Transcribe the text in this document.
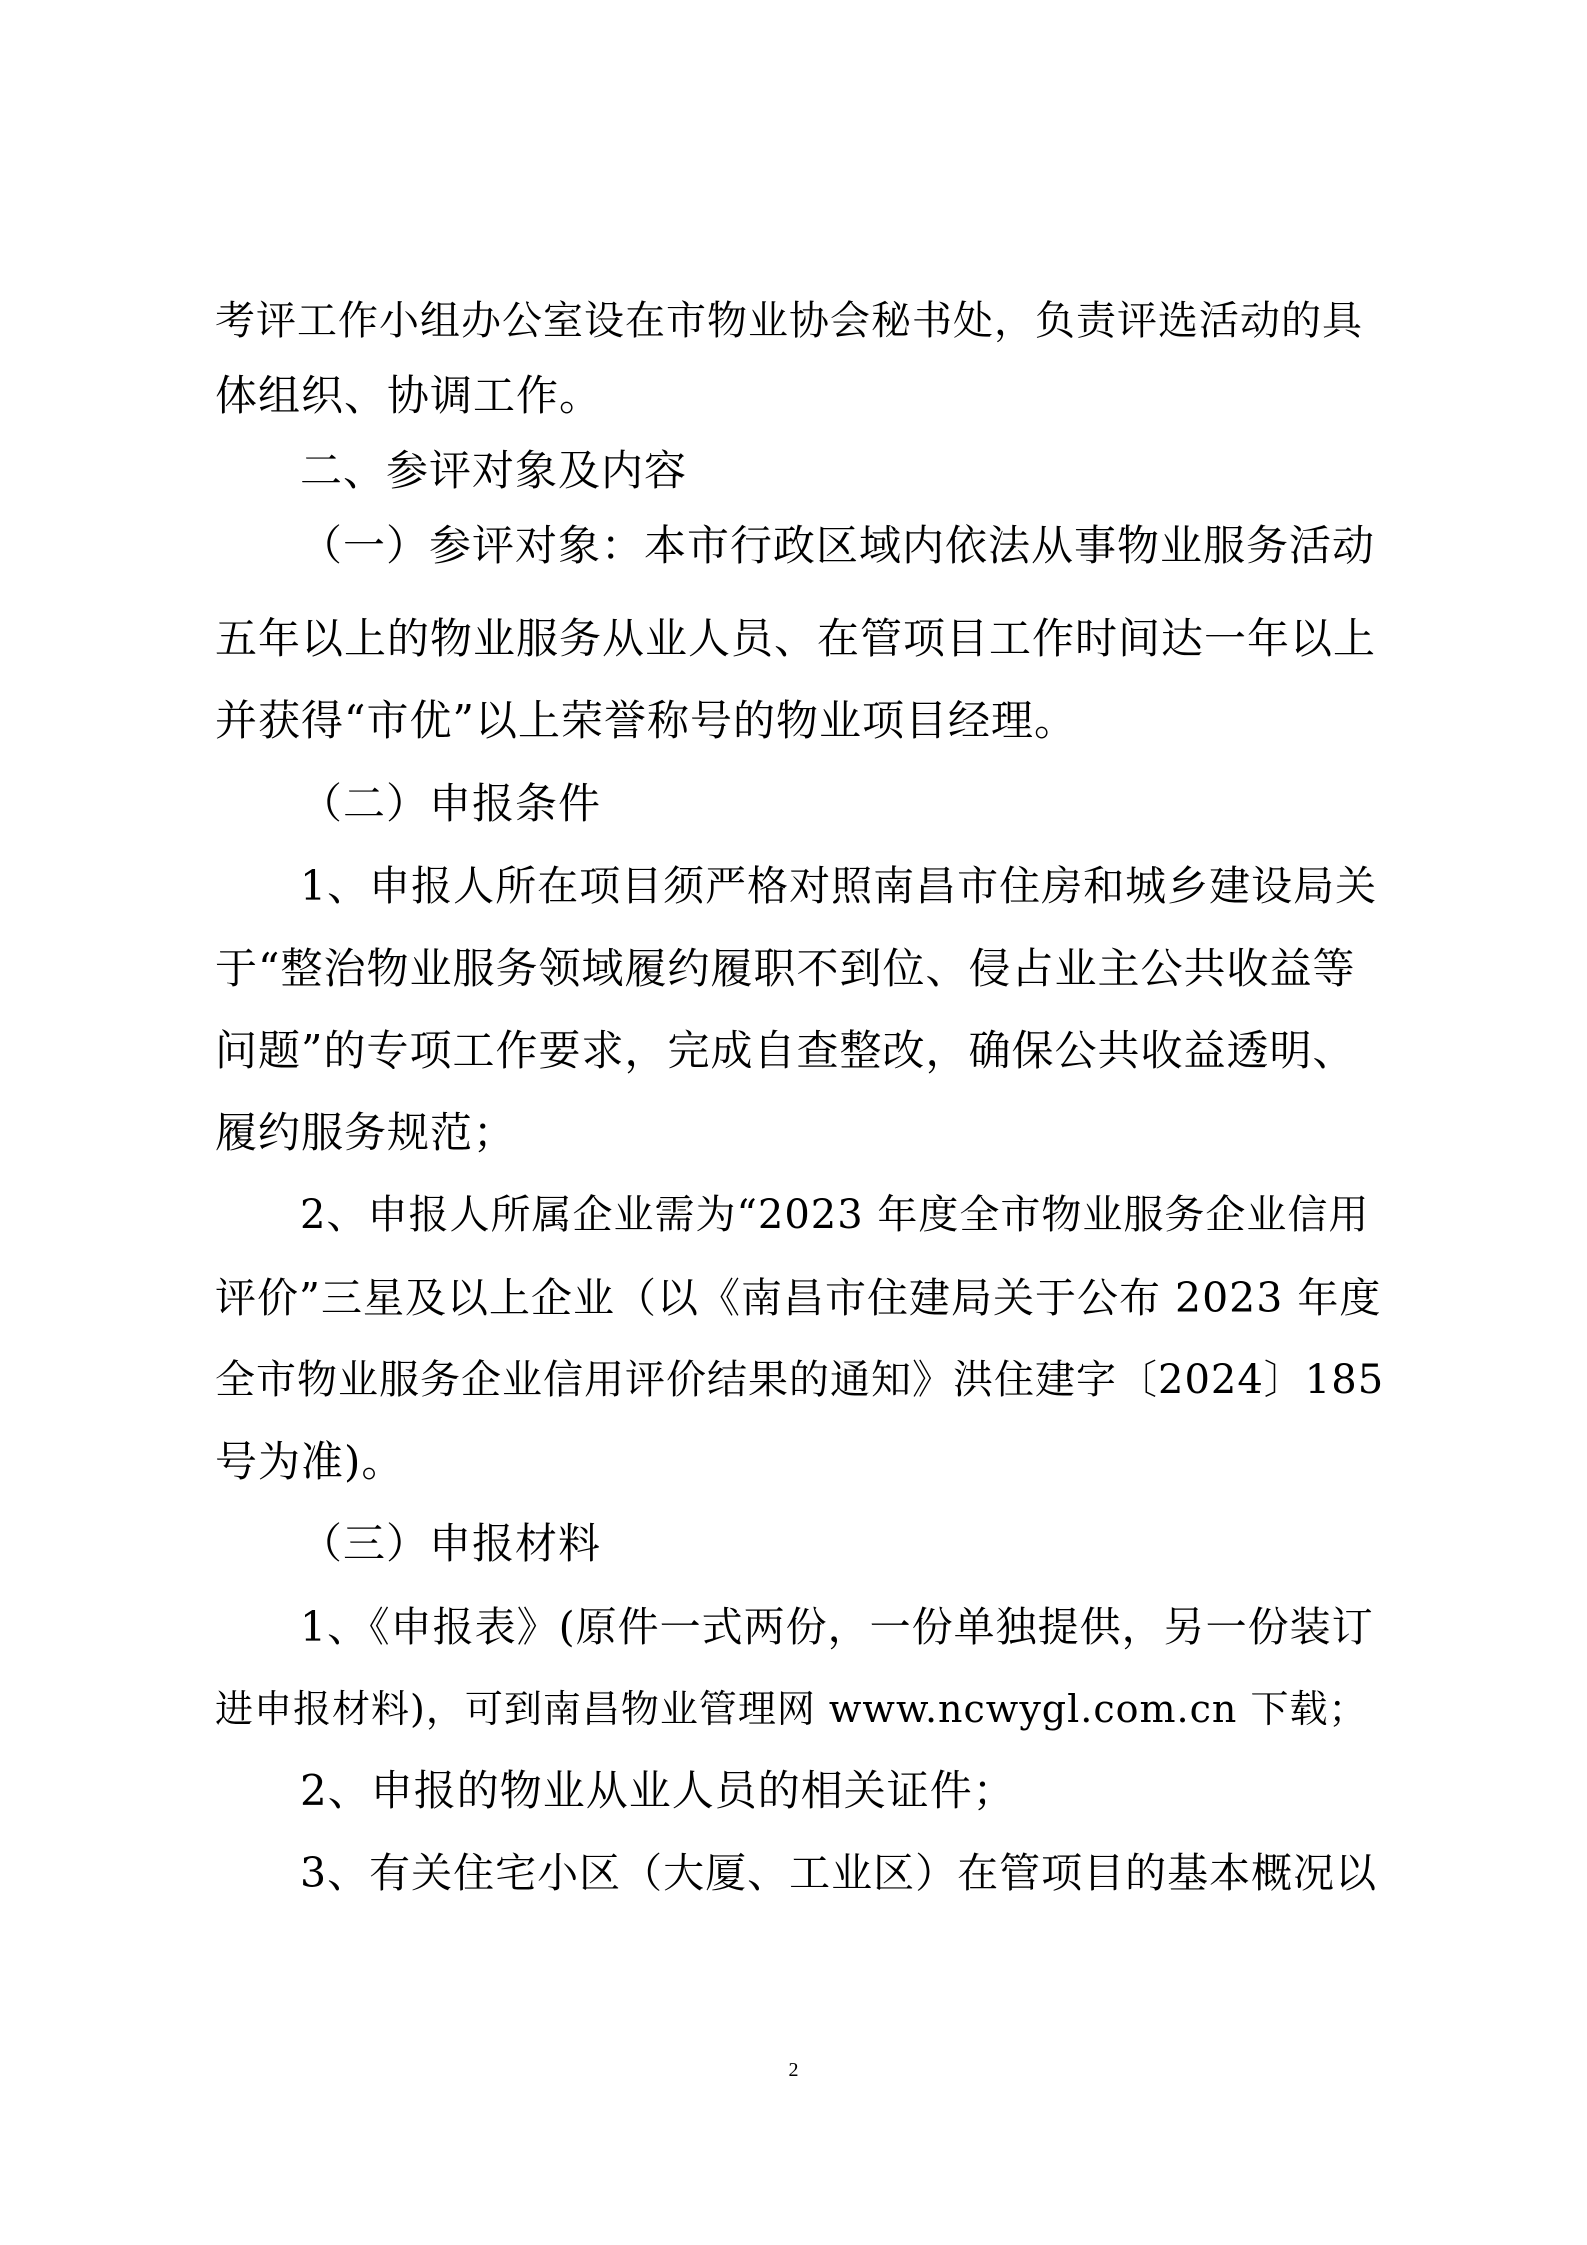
考评工作小组办公室设在市物业协会秘书处，负责评选活动的具
体组织、协调工作。
二、参评对象及内容
（一）参评对象：本市行政区域内依法从事物业服务活动
五年以上的物业服务从业人员、在管项目工作时间达一年以上
并获得“市优”以上荣誉称号的物业项目经理。
（二）申报条件
1、申报人所在项目须严格对照南昌市住房和城乡建设局关
于“整治物业服务领域履约履职不到位、侵占业主公共收益等
问题”的专项工作要求，完成自查整改，确保公共收益透明、
履约服务规范；
2、申报人所属企业需为“2023 年度全市物业服务企业信用
评价”三星及以上企业（以《南昌市住建局关于公布 2023 年度
全市物业服务企业信用评价结果的通知》洪住建字〔2024〕185
号为准)。
（三）申报材料
1、《申报表》(原件一式两份，一份单独提供，另一份装订
进申报材料)，可到南昌物业管理网 www.ncwygl.com.cn 下载；
2、申报的物业从业人员的相关证件；
3、有关住宅小区（大厦、工业区）在管项目的基本概况以
2
